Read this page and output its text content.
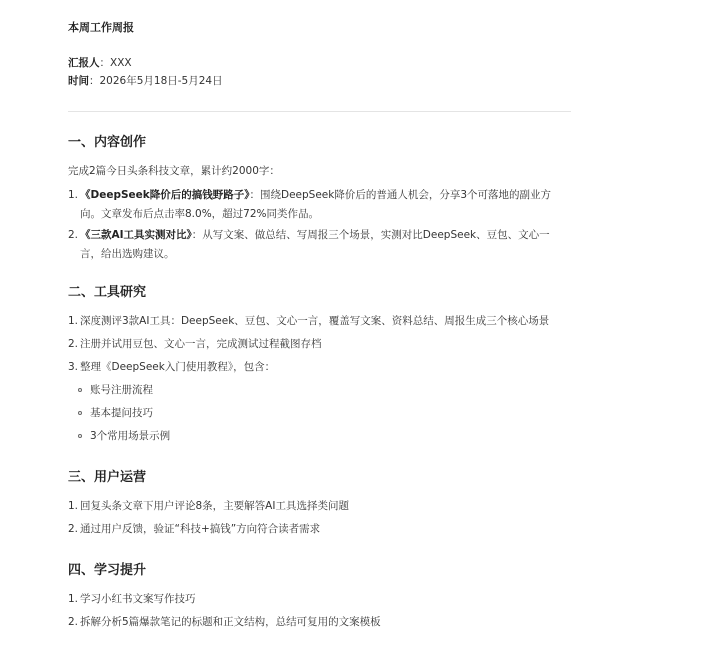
本周工作周报

汇报人：XXX

时间：2026年5月18日-5月24日

一、内容创作

完成2篇今日头条科技文章，累计约2000字：

1. 《DeepSeek降价后的搞钱野路子》：围绕DeepSeek降价后的普通人机会，分享3个可落地的副业方向。文章发布后点击率8.0%，超过72%同类作品。
2. 《三款AI工具实测对比》：从写文案、做总结、写周报三个场景，实测对比DeepSeek、豆包、文心一言，给出选购建议。
二、工具研究
1. 深度测评3款AI工具：DeepSeek、豆包、文心一言，覆盖写文案、资料总结、周报生成三个核心场景
2. 注册并试用豆包、文心一言，完成测试过程截图存档
3. 整理《DeepSeek入门使用教程》，包含：
账号注册流程
基本提问技巧
3个常用场景示例
三、用户运营
1. 回复头条文章下用户评论8条，主要解答AI工具选择类问题
2. 通过用户反馈，验证“科技+搞钱”方向符合读者需求
四、学习提升
1. 学习小红书文案写作技巧
2. 拆解分析5篇爆款笔记的标题和正文结构，总结可复用的文案模板
